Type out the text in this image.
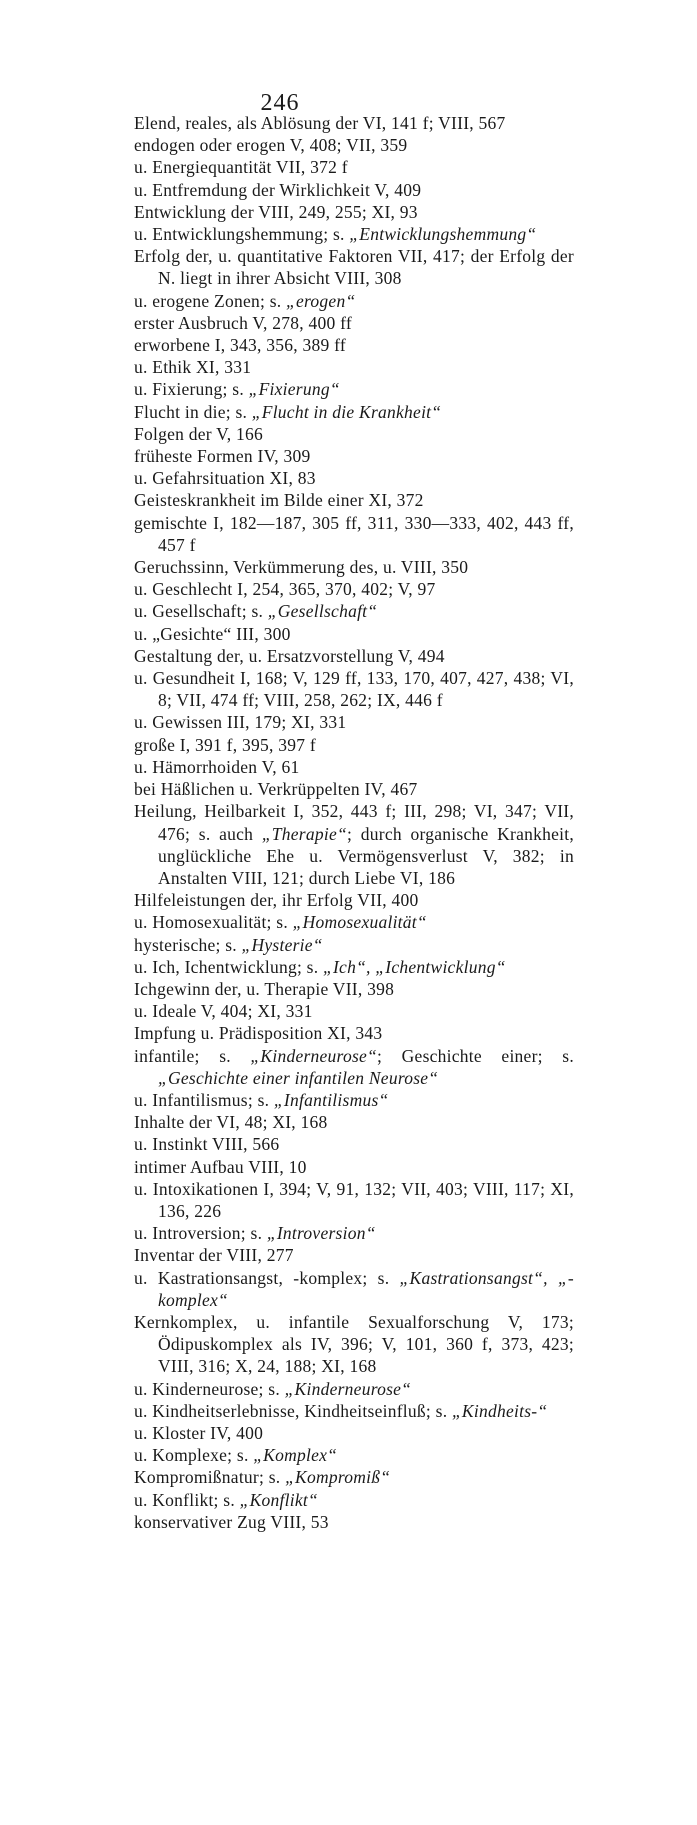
246

Elend, reales, als Ablösung der VI, 141 f; VIII, 567

endogen oder erogen V, 408; VII, 359

u. Energiequantität VII, 372 f

u. Entfremdung der Wirklichkeit V, 409

Entwicklung der VIII, 249, 255; XI, 93

u. Entwicklungshemmung; s. „Entwicklungshemmung“

Erfolg der, u. quantitative Faktoren VII, 417; der Erfolg der N. liegt in ihrer Absicht VIII, 308

u. erogene Zonen; s. „erogen“

erster Ausbruch V, 278, 400 ff

erworbene I, 343, 356, 389 ff

u. Ethik XI, 331

u. Fixierung; s. „Fixierung“

Flucht in die; s. „Flucht in die Krankheit“

Folgen der V, 166

früheste Formen IV, 309

u. Gefahrsituation XI, 83

Geisteskrankheit im Bilde einer XI, 372

gemischte I, 182—187, 305 ff, 311, 330—333, 402, 443 ff, 457 f

Geruchssinn, Verkümmerung des, u. VIII, 350

u. Geschlecht I, 254, 365, 370, 402; V, 97

u. Gesellschaft; s. „Gesellschaft“

u. „Gesichte“ III, 300

Gestaltung der, u. Ersatzvorstellung V, 494

u. Gesundheit I, 168; V, 129 ff, 133, 170, 407, 427, 438; VI, 8; VII, 474 ff; VIII, 258, 262; IX, 446 f

u. Gewissen III, 179; XI, 331

große I, 391 f, 395, 397 f

u. Hämorrhoiden V, 61

bei Häßlichen u. Verkrüppelten IV, 467

Heilung, Heilbarkeit I, 352, 443 f; III, 298; VI, 347; VII, 476; s. auch „Therapie“; durch organische Krankheit, unglückliche Ehe u. Vermögensverlust V, 382; in Anstalten VIII, 121; durch Liebe VI, 186

Hilfeleistungen der, ihr Erfolg VII, 400

u. Homosexualität; s. „Homosexualität“

hysterische; s. „Hysterie“

u. Ich, Ichentwicklung; s. „Ich“, „Ichentwicklung“

Ichgewinn der, u. Therapie VII, 398

u. Ideale V, 404; XI, 331

Impfung u. Prädisposition XI, 343

infantile; s. „Kinderneurose“; Geschichte einer; s. „Geschichte einer infantilen Neurose“

u. Infantilismus; s. „Infantilismus“

Inhalte der VI, 48; XI, 168

u. Instinkt VIII, 566

intimer Aufbau VIII, 10

u. Intoxikationen I, 394; V, 91, 132; VII, 403; VIII, 117; XI, 136, 226

u. Introversion; s. „Introversion“

Inventar der VIII, 277

u. Kastrationsangst, -komplex; s. „Kastrationsangst“, „-komplex“

Kernkomplex, u. infantile Sexualforschung V, 173; Ödipuskomplex als IV, 396; V, 101, 360 f, 373, 423; VIII, 316; X, 24, 188; XI, 168

u. Kinderneurose; s. „Kinderneurose“

u. Kindheitserlebnisse, Kindheitseinfluß; s. „Kindheits-“

u. Kloster IV, 400

u. Komplexe; s. „Komplex“

Kompromißnatur; s. „Kompromiß“

u. Konflikt; s. „Konflikt“

konservativer Zug VIII, 53
